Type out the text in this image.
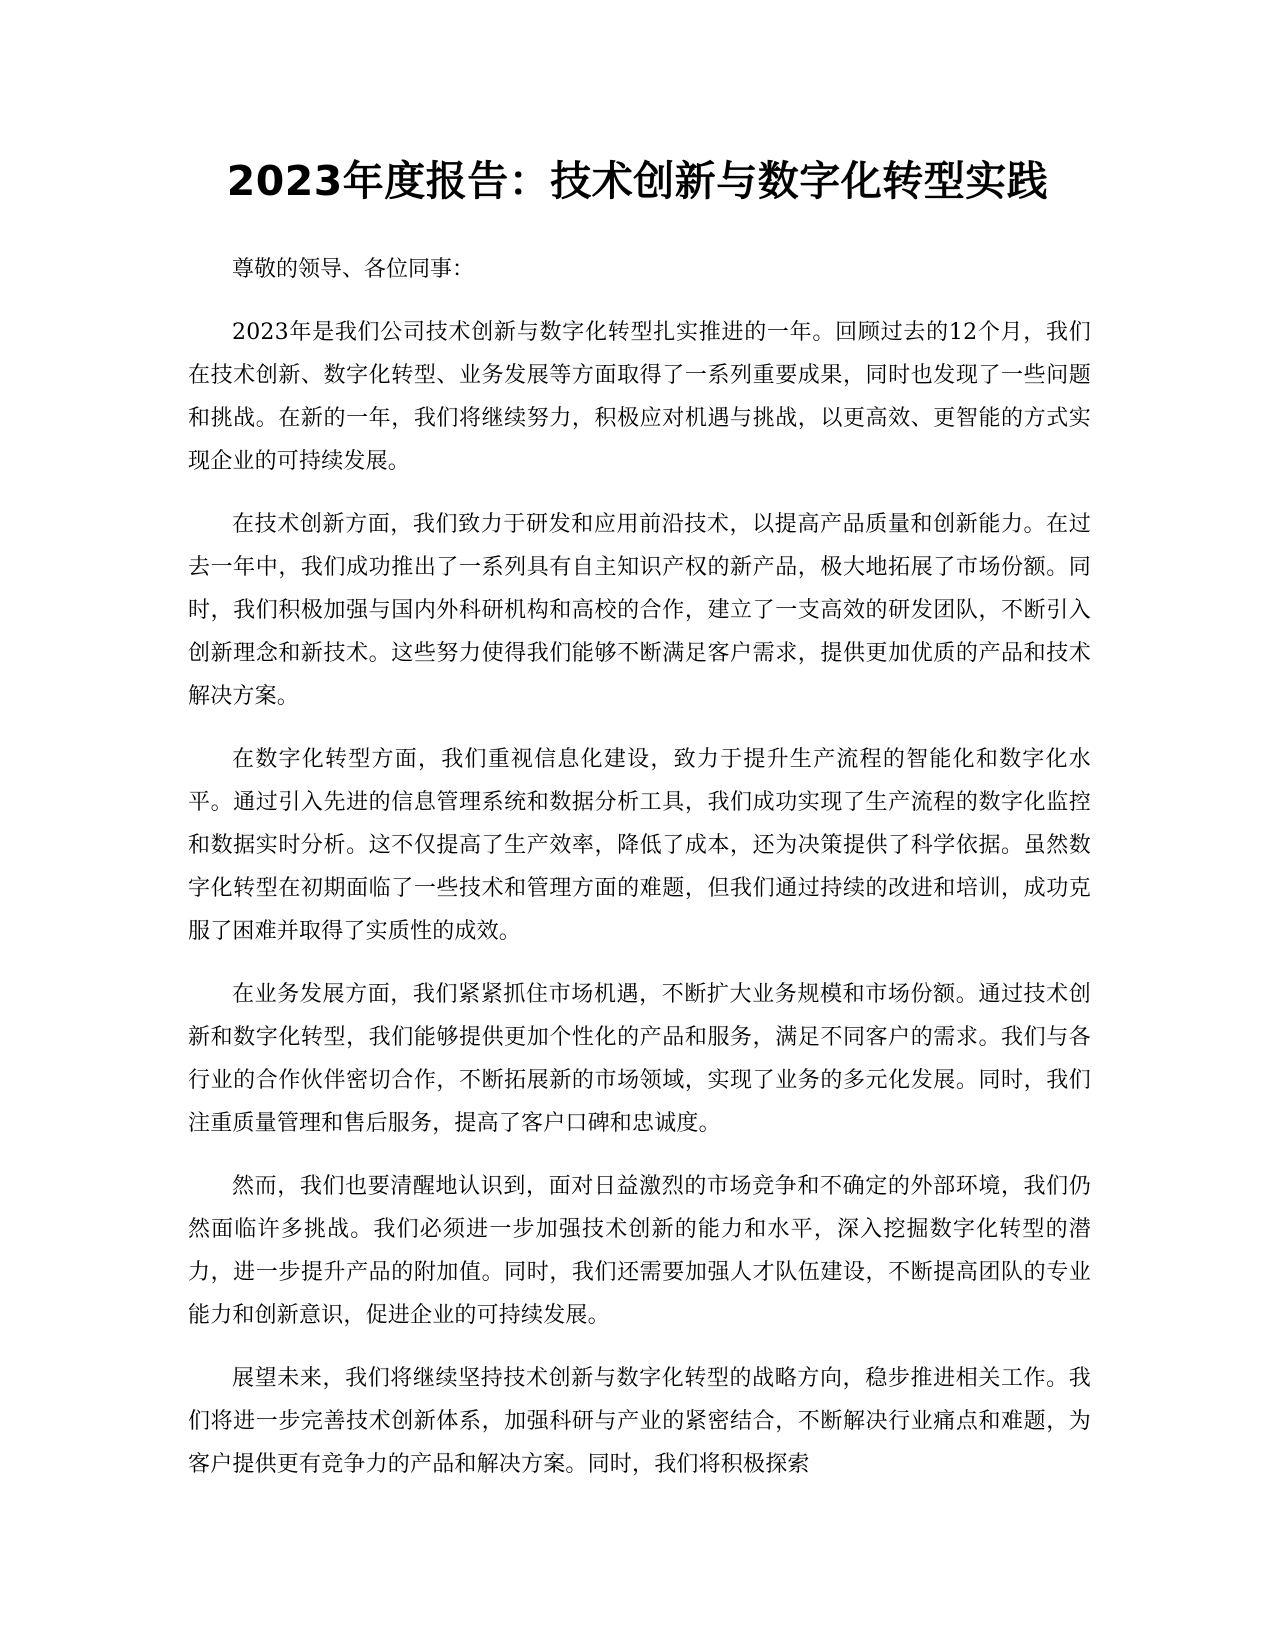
2023年度报告：技术创新与数字化转型实践

尊敬的领导、各位同事：

2023年是我们公司技术创新与数字化转型扎实推进的一年。回顾过去的12个月，我们在技术创新、数字化转型、业务发展等方面取得了一系列重要成果，同时也发现了一些问题和挑战。在新的一年，我们将继续努力，积极应对机遇与挑战，以更高效、更智能的方式实现企业的可持续发展。

在技术创新方面，我们致力于研发和应用前沿技术，以提高产品质量和创新能力。在过去一年中，我们成功推出了一系列具有自主知识产权的新产品，极大地拓展了市场份额。同时，我们积极加强与国内外科研机构和高校的合作，建立了一支高效的研发团队，不断引入创新理念和新技术。这些努力使得我们能够不断满足客户需求，提供更加优质的产品和技术解决方案。

在数字化转型方面，我们重视信息化建设，致力于提升生产流程的智能化和数字化水平。通过引入先进的信息管理系统和数据分析工具，我们成功实现了生产流程的数字化监控和数据实时分析。这不仅提高了生产效率，降低了成本，还为决策提供了科学依据。虽然数字化转型在初期面临了一些技术和管理方面的难题，但我们通过持续的改进和培训，成功克服了困难并取得了实质性的成效。

在业务发展方面，我们紧紧抓住市场机遇，不断扩大业务规模和市场份额。通过技术创新和数字化转型，我们能够提供更加个性化的产品和服务，满足不同客户的需求。我们与各行业的合作伙伴密切合作，不断拓展新的市场领域，实现了业务的多元化发展。同时，我们注重质量管理和售后服务，提高了客户口碑和忠诚度。

然而，我们也要清醒地认识到，面对日益激烈的市场竞争和不确定的外部环境，我们仍然面临许多挑战。我们必须进一步加强技术创新的能力和水平，深入挖掘数字化转型的潜力，进一步提升产品的附加值。同时，我们还需要加强人才队伍建设，不断提高团队的专业能力和创新意识，促进企业的可持续发展。

展望未来，我们将继续坚持技术创新与数字化转型的战略方向，稳步推进相关工作。我们将进一步完善技术创新体系，加强科研与产业的紧密结合，不断解决行业痛点和难题，为客户提供更有竞争力的产品和解决方案。同时，我们将积极探索
